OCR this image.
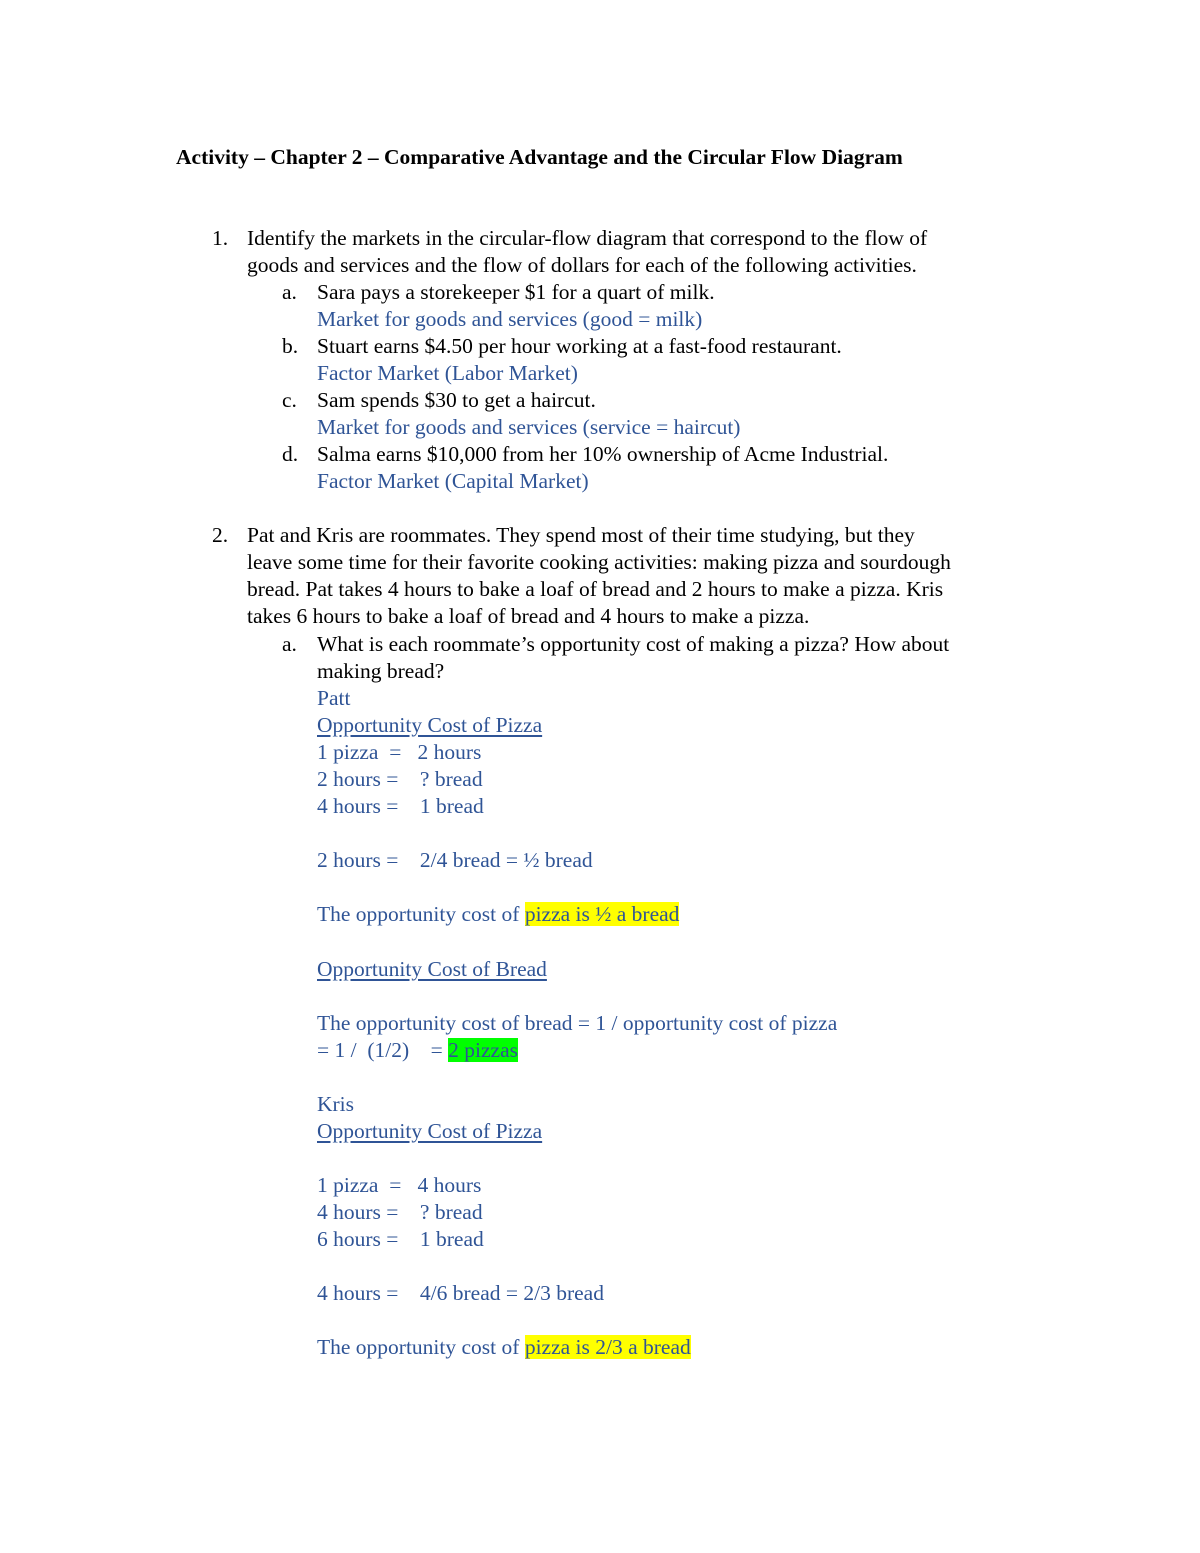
Activity – Chapter 2 – Comparative Advantage and the Circular Flow Diagram
1. Identify the markets in the circular-flow diagram that correspond to the flow of
goods and services and the flow of dollars for each of the following activities.
a. Sara pays a storekeeper $1 for a quart of milk.
Market for goods and services (good = milk)
b. Stuart earns $4.50 per hour working at a fast-food restaurant.
Factor Market (Labor Market)
c. Sam spends $30 to get a haircut.
Market for goods and services (service = haircut)
d. Salma earns $10,000 from her 10% ownership of Acme Industrial.
Factor Market (Capital Market)
2. Pat and Kris are roommates. They spend most of their time studying, but they
leave some time for their favorite cooking activities: making pizza and sourdough
bread. Pat takes 4 hours to bake a loaf of bread and 2 hours to make a pizza. Kris
takes 6 hours to bake a loaf of bread and 4 hours to make a pizza.
a. What is each roommate’s opportunity cost of making a pizza? How about
making bread?
Patt
Opportunity Cost of Pizza
1 pizza  =   2 hours
2 hours =    ? bread
4 hours =    1 bread
2 hours =    2/4 bread = ½ bread
The opportunity cost of pizza is ½ a bread
Opportunity Cost of Bread
The opportunity cost of bread = 1 / opportunity cost of pizza
= 1 /  (1/2)    = 2 pizzas
Kris
Opportunity Cost of Pizza
1 pizza  =   4 hours
4 hours =    ? bread
6 hours =    1 bread
4 hours =    4/6 bread = 2/3 bread
The opportunity cost of pizza is 2/3 a bread
